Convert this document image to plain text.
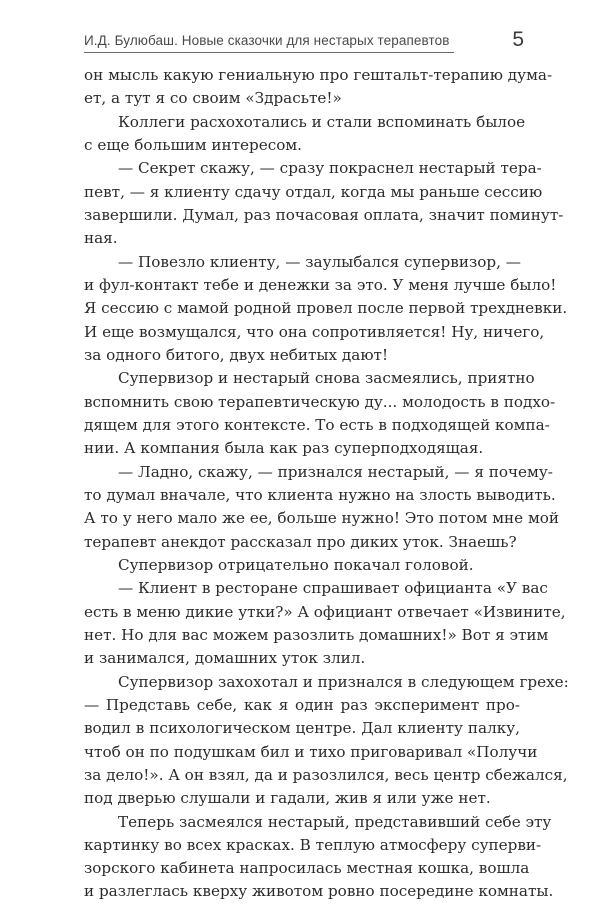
И.Д. Булюбаш. Новые сказочки для нестарых терапевтов	5
он мысль какую гениальную про гештальт-терапию дума-
ет, а тут я со своим «Здрасьте!»
Коллеги расхохотались и стали вспоминать былое
с еще большим интересом.
— Секрет скажу, — сразу покраснел нестарый тера-
певт, — я клиенту сдачу отдал, когда мы раньше сессию
завершили. Думал, раз почасовая оплата, значит поминут-
ная.
— Повезло клиенту, — заулыбался супервизор, —
и фул-контакт тебе и денежки за это. У меня лучше было!
Я сессию с мамой родной провел после первой трехдневки.
И еще возмущался, что она сопротивляется! Ну, ничего,
за одного битого, двух небитых дают!
Супервизор и нестарый снова засмеялись, приятно
вспомнить свою терапевтическую ду... молодость в подхо-
дящем для этого контексте. То есть в подходящей компа-
нии. А компания была как раз суперподходящая.
— Ладно, скажу, — признался нестарый, — я почему-
то думал вначале, что клиента нужно на злость выводить.
А то у него мало же ее, больше нужно! Это потом мне мой
терапевт анекдот рассказал про диких уток. Знаешь?
Супервизор отрицательно покачал головой.
— Клиент в ресторане спрашивает официанта «У вас
есть в меню дикие утки?» А официант отвечает «Извините,
нет. Но для вас можем разозлить домашних!» Вот я этим
и занимался, домашних уток злил.
Супервизор захохотал и признался в следующем грехе:
— Представь себе, как я один раз эксперимент про-
водил в психологическом центре. Дал клиенту палку,
чтоб он по подушкам бил и тихо приговаривал «Получи
за дело!». А он взял, да и разозлился, весь центр сбежался,
под дверью слушали и гадали, жив я или уже нет.
Теперь засмеялся нестарый, представивший себе эту
картинку во всех красках. В теплую атмосферу суперви-
зорского кабинета напросилась местная кошка, вошла
и разлеглась кверху животом ровно посередине комнаты.
